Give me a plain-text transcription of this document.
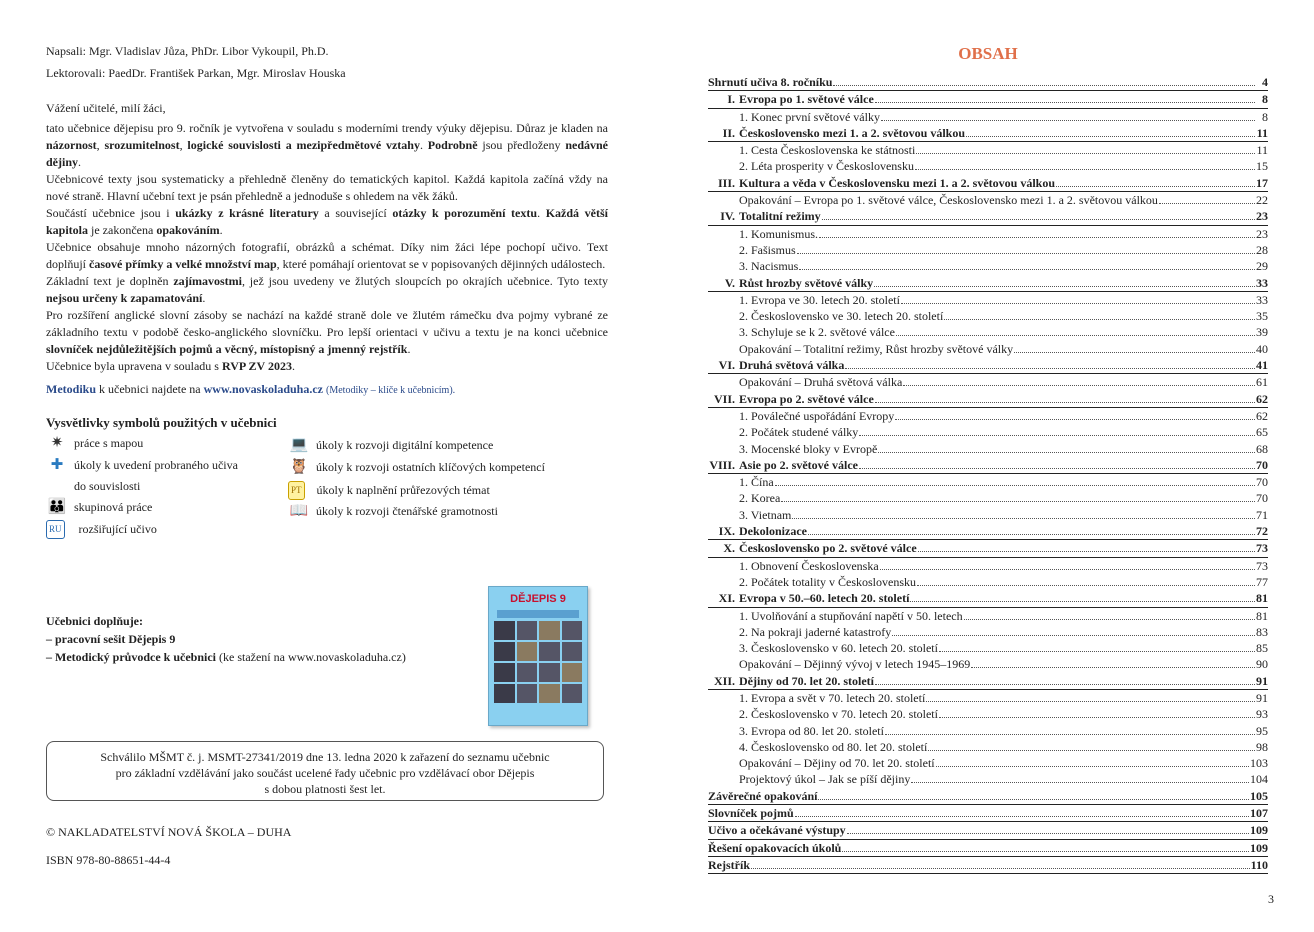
Napsali: Mgr. Vladislav Jůza, PhDr. Libor Vykoupil, Ph.D.

Lektorovali: PaedDr. František Parkan, Mgr. Miroslav Houska

Vážení učitelé, milí žáci,

tato učebnice dějepisu pro 9. ročník je vytvořena v souladu s moderními trendy výuky dějepisu. Důraz je kladen na názornost, srozumitelnost, logické souvislosti a mezipředmětové vztahy. Podrobně jsou předloženy nedávné dějiny.

Učebnicové texty jsou systematicky a přehledně členěny do tematických kapitol. Každá kapitola začíná vždy na nové straně. Hlavní učební text je psán přehledně a jednoduše s ohledem na věk žáků.

Součástí učebnice jsou i ukázky z krásné literatury a související otázky k porozumění textu. Každá větší kapitola je zakončena opakováním.

Učebnice obsahuje mnoho názorných fotografií, obrázků a schémat. Díky nim žáci lépe pochopí učivo. Text doplňují časové přímky a velké množství map, které pomáhají orientovat se v popisovaných dějinných událostech.

Základní text je doplněn zajímavostmi, jež jsou uvedeny ve žlutých sloupcích po okrajích učebnice. Tyto texty nejsou určeny k zapamatování.

Pro rozšíření anglické slovní zásoby se nachází na každé straně dole ve žlutém rámečku dva pojmy vybrané ze základního textu v podobě česko-anglického slovníčku. Pro lepší orientaci v učivu a textu je na konci učebnice slovníček nejdůležitějších pojmů a věcný, místopisný a jmenný rejstřík.

Učebnice byla upravena v souladu s RVP ZV 2023.

Metodiku k učebnici najdete na www.novaskoladuha.cz (Metodiky – klíče k učebnicím).
Vysvětlivky symbolů použitých v učebnici
✷ práce s mapou
✚ úkoly k uvedení probraného učiva
do souvislosti
👪 skupinová práce
RU rozšiřující učivo
💻 úkoly k rozvoji digitální kompetence
🦉 úkoly k rozvoji ostatních klíčových kompetencí
PT úkoly k naplnění průřezových témat
📖 úkoly k rozvoji čtenářské gramotnosti
Učebnici doplňuje:
– pracovní sešit Dějepis 9
– Metodický průvodce k učebnici (ke stažení na www.novaskoladuha.cz)
DĚJEPIS 9
Schválilo MŠMT č. j. MSMT-27341/2019 dne 13. ledna 2020 k zařazení do seznamu učebnic
pro základní vzdělávání jako součást ucelené řady učebnic pro vzdělávací obor Dějepis
s dobou platnosti šest let.
© NAKLADATELSTVÍ NOVÁ ŠKOLA – DUHA
ISBN 978-80-88651-44-4
OBSAH
Shrnutí učiva 8. ročníku	4
I. Evropa po 1. světové válce	8
1. Konec první světové války	8
II. Československo mezi 1. a 2. světovou válkou	11
1. Cesta Československa ke státnosti	11
2. Léta prosperity v Československu	15
III. Kultura a věda v Československu mezi 1. a 2. světovou válkou	17
Opakování – Evropa po 1. světové válce, Československo mezi 1. a 2. světovou válkou	22
IV. Totalitní režimy	23
1. Komunismus.	23
2. Fašismus	28
3. Nacismus	29
V. Růst hrozby světové války	33
1. Evropa ve 30. letech 20. století	33
2. Československo ve 30. letech 20. století	35
3. Schyluje se k 2. světové válce	39
Opakování – Totalitní režimy, Růst hrozby světové války	40
VI. Druhá světová válka	41
Opakování – Druhá světová válka	61
VII. Evropa po 2. světové válce	62
1. Poválečné uspořádání Evropy	62
2. Počátek studené války	65
3. Mocenské bloky v Evropě	68
VIII. Asie po 2. světové válce	70
1. Čína	70
2. Korea	70
3. Vietnam	71
IX. Dekolonizace	72
X. Československo po 2. světové válce	73
1. Obnovení Československa	73
2. Počátek totality v Československu	77
XI. Evropa v 50.–60. letech 20. století	81
1. Uvolňování a stupňování napětí v 50. letech	81
2. Na pokraji jaderné katastrofy	83
3. Československo v 60. letech 20. století	85
Opakování – Dějinný vývoj v letech 1945–1969	90
XII. Dějiny od 70. let 20. století	91
1. Evropa a svět v 70. letech 20. století	91
2. Československo v 70. letech 20. století	93
3. Evropa od 80. let 20. století	95
4. Československo od 80. let 20. století	98
Opakování – Dějiny od 70. let 20. století	103
Projektový úkol – Jak se píší dějiny	104
Závěrečné opakování	105
Slovníček pojmů	107
Učivo a očekávané výstupy	109
Řešení opakovacích úkolů	109
Rejstřík	110
3
